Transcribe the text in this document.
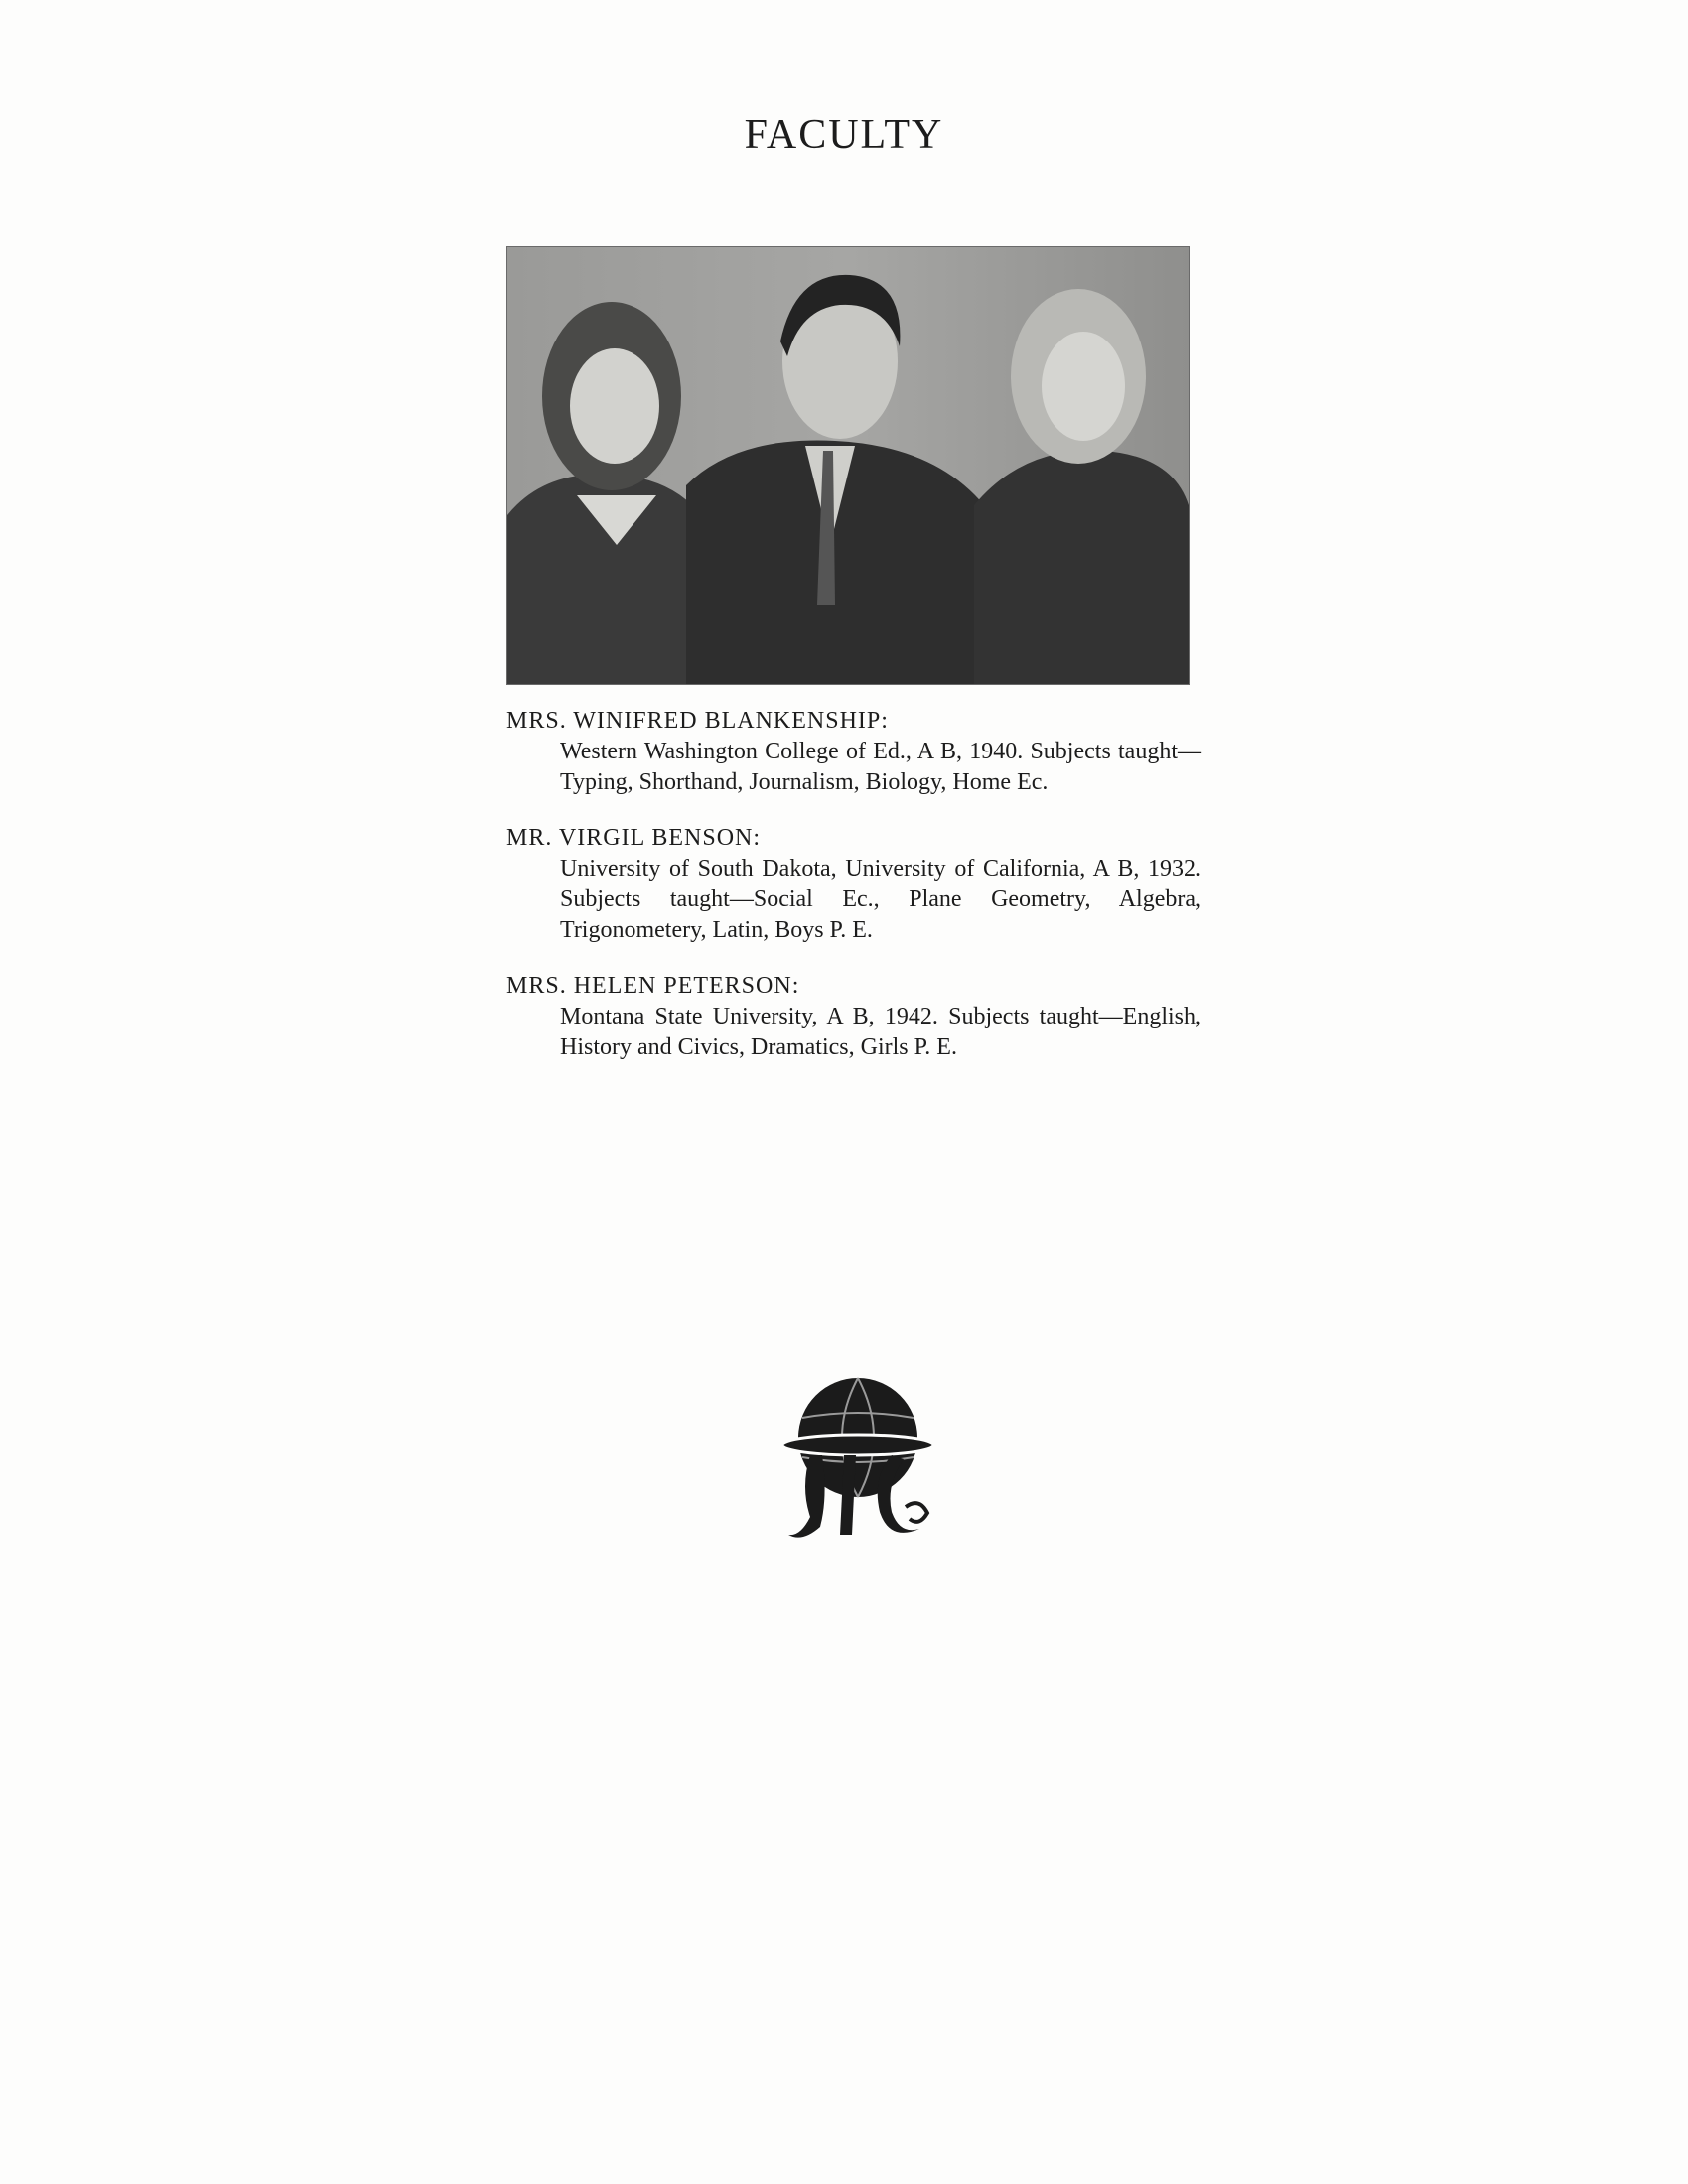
FACULTY
MRS. WINIFRED BLANKENSHIP:
Western Washington College of Ed., A B, 1940. Subjects taught—Typing, Shorthand, Journalism, Biology, Home Ec.
MR. VIRGIL BENSON:
University of South Dakota, University of California, A B, 1932. Subjects taught—Social Ec., Plane Geometry, Algebra, Trigonometery, Latin, Boys P. E.
MRS. HELEN PETERSON:
Montana State University, A B, 1942. Subjects taught—English, History and Civics, Dramatics, Girls P. E.
